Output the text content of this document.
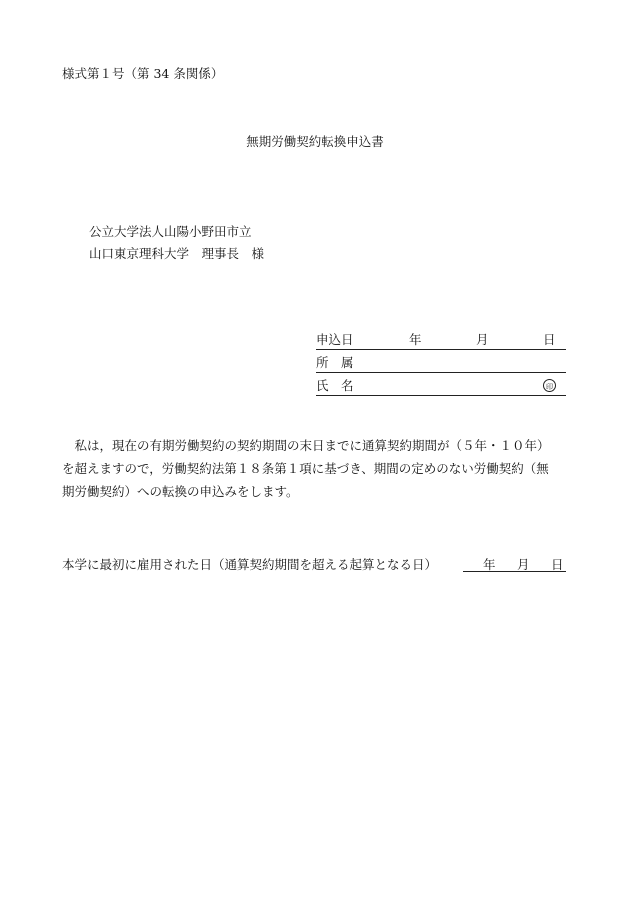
様式第１号（第 34 条関係）
無期労働契約転換申込書
公立大学法人山陽小野田市立
山口東京理科大学　理事長　様
申込日	年	月	日
所　属
氏　名	印
　私は，現在の有期労働契約の契約期間の末日までに通算契約期間が（５年・１０年）
を超えますので，労働契約法第１８条第１項に基づき、期間の定めのない労働契約（無
期労働契約）への転換の申込みをします。
本学に最初に雇用された日（通算契約期間を超える起算となる日）	年 月 日
